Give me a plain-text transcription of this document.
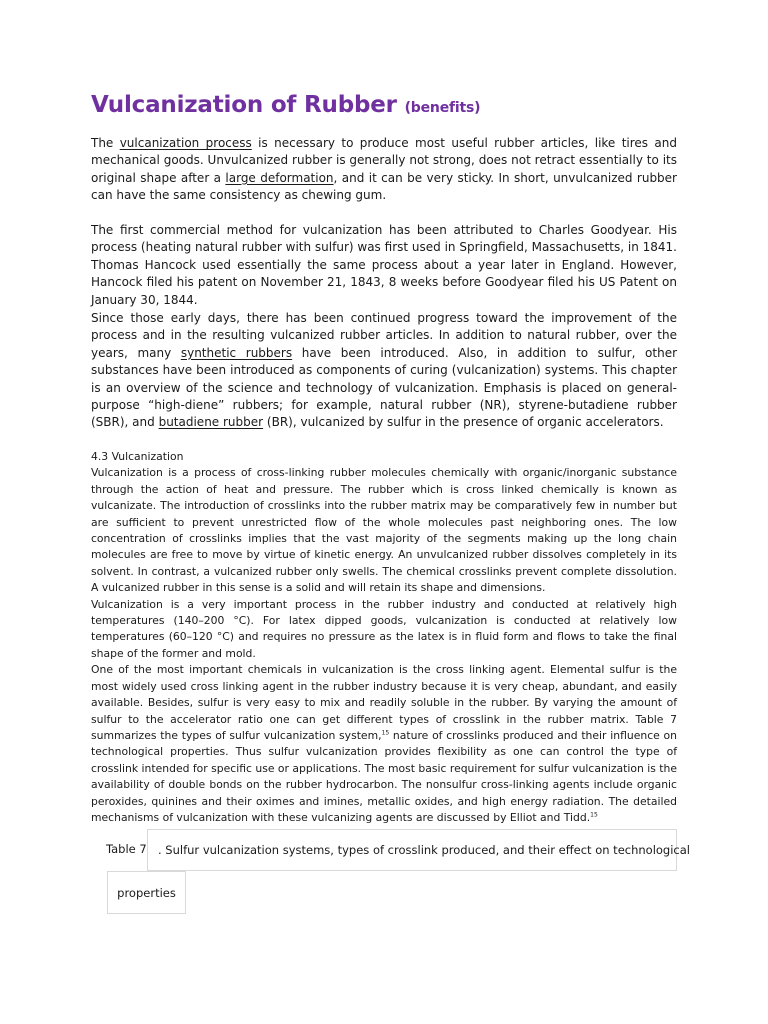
Vulcanization of Rubber (benefits)

The vulcanization process is necessary to produce most useful rubber articles, like tires and mechanical goods. Unvulcanized rubber is generally not strong, does not retract essentially to its original shape after a large deformation, and it can be very sticky. In short, unvulcanized rubber can have the same consistency as chewing gum.

The first commercial method for vulcanization has been attributed to Charles Goodyear. His process (heating natural rubber with sulfur) was first used in Springfield, Massachusetts, in 1841. Thomas Hancock used essentially the same process about a year later in England. However, Hancock filed his patent on November 21, 1843, 8 weeks before Goodyear filed his US Patent on January 30, 1844.

Since those early days, there has been continued progress toward the improvement of the process and in the resulting vulcanized rubber articles. In addition to natural rubber, over the years, many synthetic rubbers have been introduced. Also, in addition to sulfur, other substances have been introduced as components of curing (vulcanization) systems. This chapter is an overview of the science and technology of vulcanization. Emphasis is placed on general-purpose “high-diene” rubbers; for example, natural rubber (NR), styrene-butadiene rubber (SBR), and butadiene rubber (BR), vulcanized by sulfur in the presence of organic accelerators.

4.3 Vulcanization
Vulcanization is a process of cross-linking rubber molecules chemically with organic/inorganic substance through the action of heat and pressure. The rubber which is cross linked chemically is known as vulcanizate. The introduction of crosslinks into the rubber matrix may be comparatively few in number but are sufficient to prevent unrestricted flow of the whole molecules past neighboring ones. The low concentration of crosslinks implies that the vast majority of the segments making up the long chain molecules are free to move by virtue of kinetic energy. An unvulcanized rubber dissolves completely in its solvent. In contrast, a vulcanized rubber only swells. The chemical crosslinks prevent complete dissolution. A vulcanized rubber in this sense is a solid and will retain its shape and dimensions.
Vulcanization is a very important process in the rubber industry and conducted at relatively high temperatures (140–200 °C). For latex dipped goods, vulcanization is conducted at relatively low temperatures (60–120 °C) and requires no pressure as the latex is in fluid form and flows to take the final shape of the former and mold.
One of the most important chemicals in vulcanization is the cross linking agent. Elemental sulfur is the most widely used cross linking agent in the rubber industry because it is very cheap, abundant, and easily available. Besides, sulfur is very easy to mix and readily soluble in the rubber. By varying the amount of sulfur to the accelerator ratio one can get different types of crosslink in the rubber matrix. Table 7 summarizes the types of sulfur vulcanization system,$^{15}$ nature of crosslinks produced and their influence on technological properties. Thus sulfur vulcanization provides flexibility as one can control the type of crosslink intended for specific use or applications. The most basic requirement for sulfur vulcanization is the availability of double bonds on the rubber hydrocarbon. The nonsulfur cross-linking agents include organic peroxides, quinines and their oximes and imines, metallic oxides, and high energy radiation. The detailed mechanisms of vulcanization with these vulcanizing agents are discussed by Elliot and Tidd.$^{15}$
Table 7 . Sulfur vulcanization systems, types of crosslink produced, and their effect on technological
properties
